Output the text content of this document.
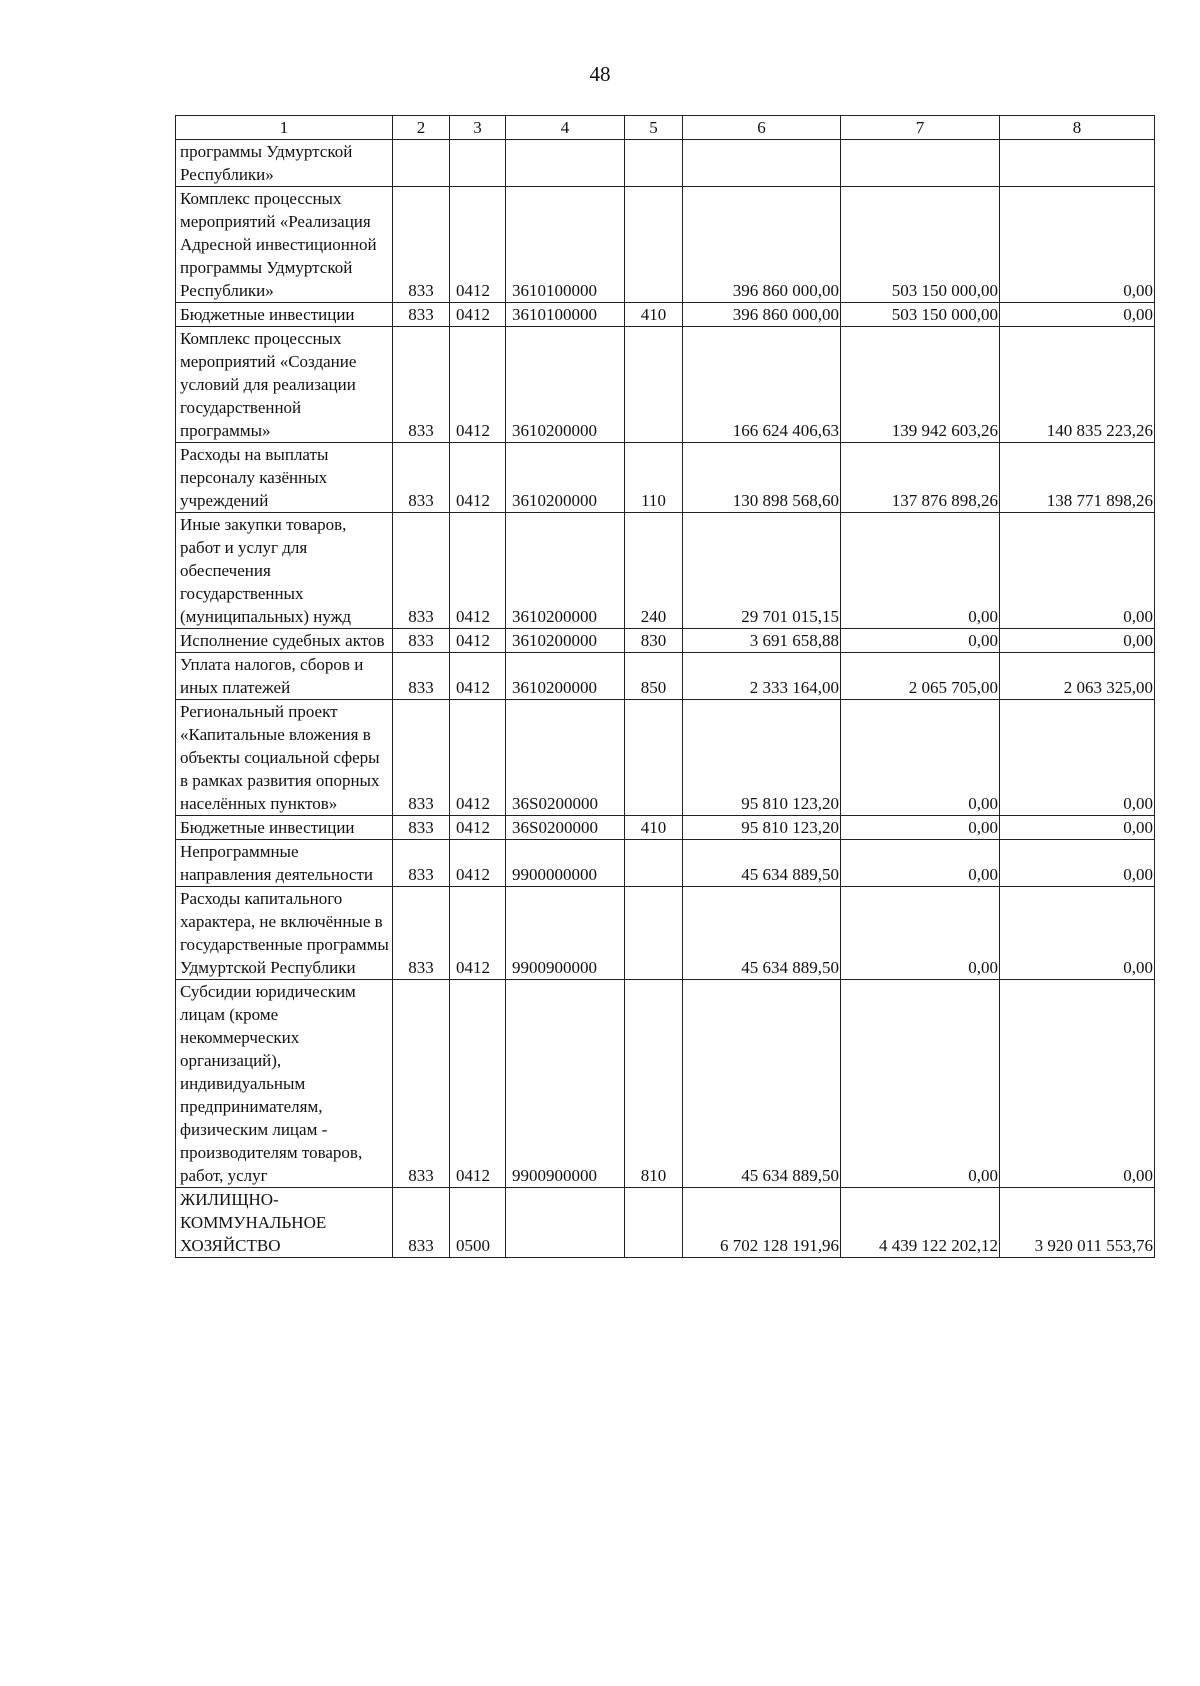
48
1	2	3	4	5	6	7	8
программы Удмуртской Республики»							
Комплекс процессных мероприятий «Реализация Адресной инвестиционной программы Удмуртской Республики»	833	0412	3610100000		396 860 000,00	503 150 000,00	0,00
Бюджетные инвестиции	833	0412	3610100000	410	396 860 000,00	503 150 000,00	0,00
Комплекс процессных мероприятий «Создание условий для реализации государственной программы»	833	0412	3610200000		166 624 406,63	139 942 603,26	140 835 223,26
Расходы на выплаты персоналу казённых учреждений	833	0412	3610200000	110	130 898 568,60	137 876 898,26	138 771 898,26
Иные закупки товаров, работ и услуг для обеспечения государственных (муниципальных) нужд	833	0412	3610200000	240	29 701 015,15	0,00	0,00
Исполнение судебных актов	833	0412	3610200000	830	3 691 658,88	0,00	0,00
Уплата налогов, сборов и иных платежей	833	0412	3610200000	850	2 333 164,00	2 065 705,00	2 063 325,00
Региональный проект «Капитальные вложения в объекты социальной сферы в рамках развития опорных населённых пунктов»	833	0412	36S0200000		95 810 123,20	0,00	0,00
Бюджетные инвестиции	833	0412	36S0200000	410	95 810 123,20	0,00	0,00
Непрограммные направления деятельности	833	0412	9900000000		45 634 889,50	0,00	0,00
Расходы капитального характера, не включённые в государственные программы Удмуртской Республики	833	0412	9900900000		45 634 889,50	0,00	0,00
Субсидии юридическим лицам (кроме некоммерческих организаций), индивидуальным предпринимателям, физическим лицам - производителям товаров, работ, услуг	833	0412	9900900000	810	45 634 889,50	0,00	0,00
ЖИЛИЩНО-КОММУНАЛЬНОЕ ХОЗЯЙСТВО	833	0500			6 702 128 191,96	4 439 122 202,12	3 920 011 553,76
